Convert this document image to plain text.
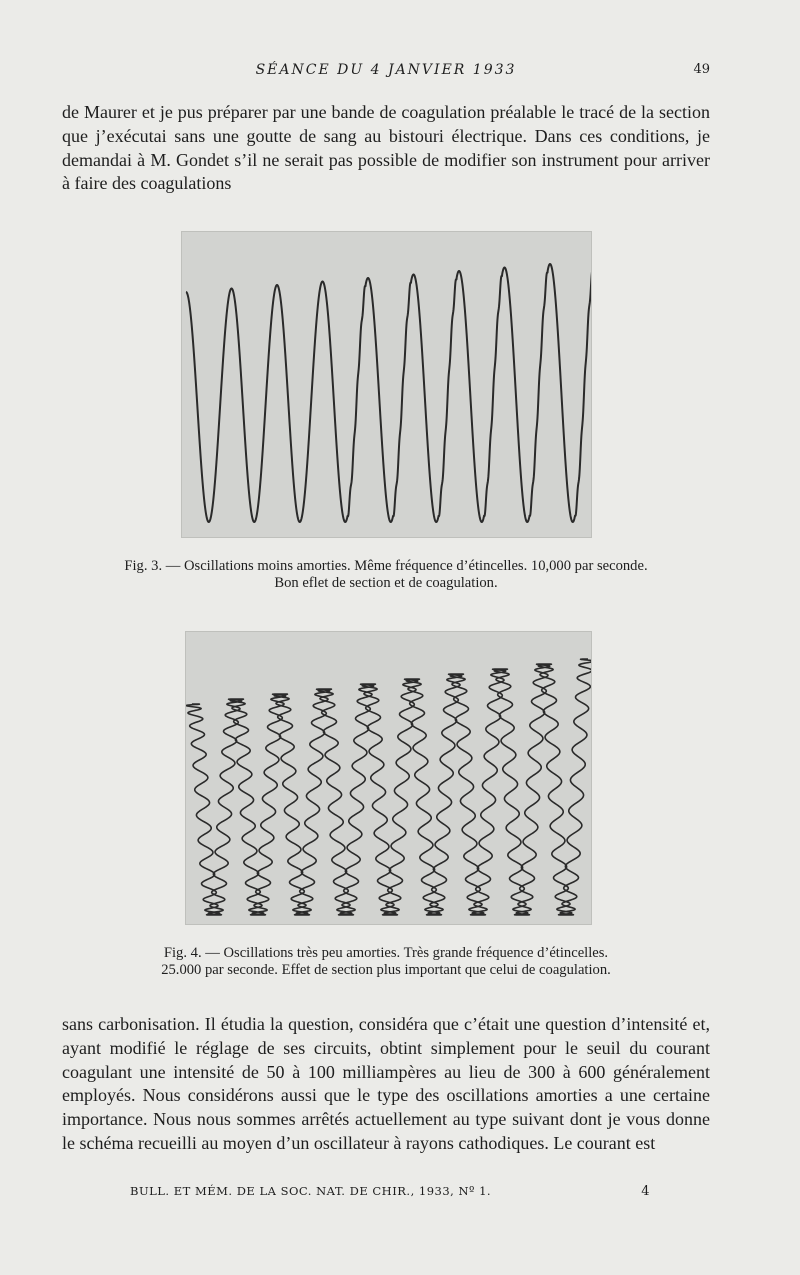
SÉANCE DU 4 JANVIER 1933	49

de Maurer et je pus préparer par une bande de coagulation préalable le tracé de la section que j’exécutai sans une goutte de sang au bistouri électrique. Dans ces conditions, je demandai à M. Gondet s’il ne serait pas possible de modifier son instrument pour arriver à faire des coagulations

Fig. 3. — Oscillations moins amorties. Même fréquence d’étincelles. 10,000 par seconde.
Bon eflet de section et de coagulation.

Fig. 4. — Oscillations très peu amorties. Très grande fréquence d’étincelles.
25.000 par seconde. Effet de section plus important que celui de coagulation.

sans carbonisation. Il étudia la question, considéra que c’était une question d’intensité et, ayant modifié le réglage de ses circuits, obtint simplement pour le seuil du courant coagulant une intensité de 50 à 100 milliampères au lieu de 300 à 600 généralement employés. Nous considérons aussi que le type des oscillations amorties a une certaine importance. Nous nous sommes arrêtés actuellement au type suivant dont je vous donne le schéma recueilli au moyen d’un oscillateur à rayons cathodiques. Le courant est

BULL. ET MÉM. DE LA SOC. NAT. DE CHIR., 1933, Nº 1.	4
